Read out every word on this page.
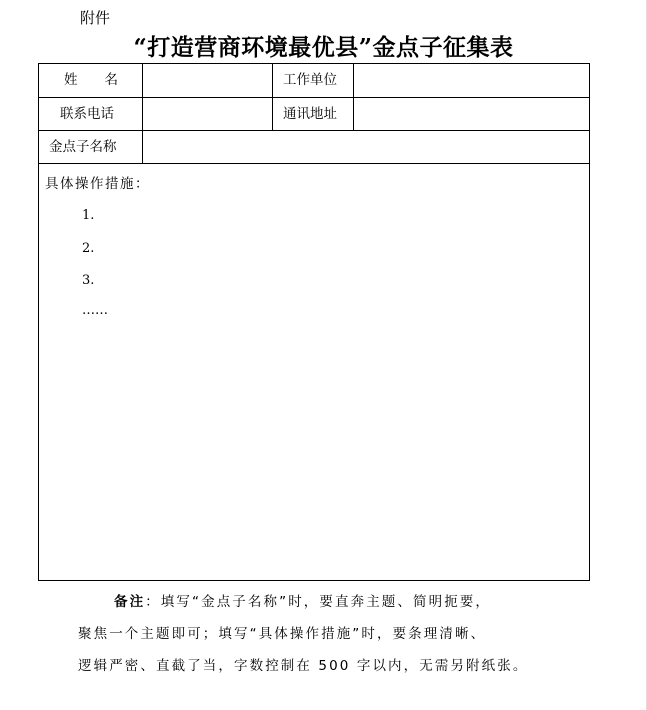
附件
“打造营商环境最优县”金点子征集表
姓　　名	工作单位
联系电话	通讯地址
金点子名称
具体操作措施：
1.
2.
3.
……
备注：填写“金点子名称”时，要直奔主题、简明扼要，
聚焦一个主题即可；填写“具体操作措施”时，要条理清晰、
逻辑严密、直截了当，字数控制在 500 字以内，无需另附纸张。
